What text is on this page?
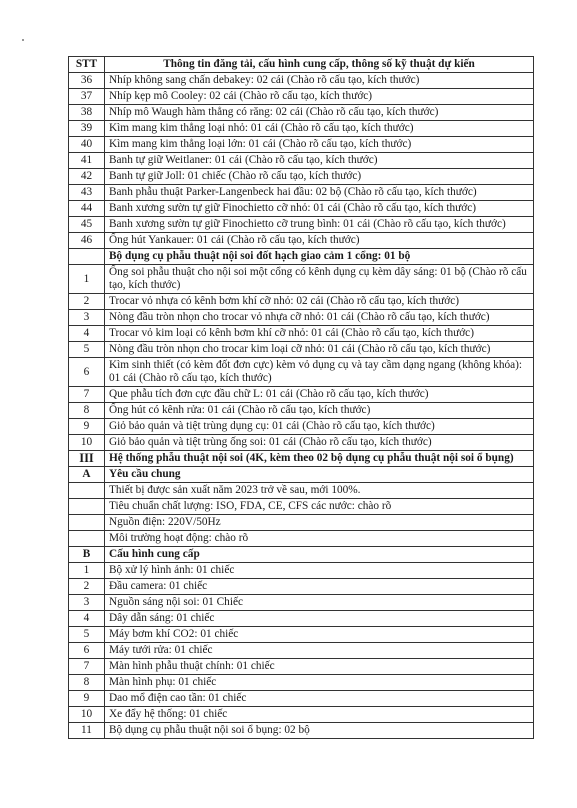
STT	Thông tin đăng tải, cấu hình cung cấp, thông số kỹ thuật dự kiến
36	Nhíp không sang chấn debakey: 02 cái (Chào rõ cấu tạo, kích thước)
37	Nhíp kẹp mô Cooley: 02 cái (Chào rõ cấu tạo, kích thước)
38	Nhíp mô Waugh hàm thẳng có răng: 02 cái (Chào rõ cấu tạo, kích thước)
39	Kìm mang kim thẳng loại nhỏ: 01 cái (Chào rõ cấu tạo, kích thước)
40	Kìm mang kim thẳng loại lớn: 01 cái (Chào rõ cấu tạo, kích thước)
41	Banh tự giữ Weitlaner: 01 cái (Chào rõ cấu tạo, kích thước)
42	Banh tự giữ Joll: 01 chiếc (Chào rõ cấu tạo, kích thước)
43	Banh phẫu thuật Parker-Langenbeck hai đầu: 02 bộ (Chào rõ cấu tạo, kích thước)
44	Banh xương sườn tự giữ Finochietto cỡ nhỏ: 01 cái (Chào rõ cấu tạo, kích thước)
45	Banh xương sườn tự giữ Finochietto cỡ trung bình: 01 cái (Chào rõ cấu tạo, kích thước)
46	Ống hút Yankauer: 01 cái (Chào rõ cấu tạo, kích thước)
	Bộ dụng cụ phẫu thuật nội soi đốt hạch giao cảm 1 cổng: 01 bộ
1	Ống soi phẫu thuật cho nội soi một cổng có kênh dụng cụ kèm dây sáng: 01 bộ (Chào rõ cấu tạo, kích thước)
2	Trocar vỏ nhựa có kênh bơm khí cỡ nhỏ: 02 cái (Chào rõ cấu tạo, kích thước)
3	Nòng đầu tròn nhọn cho trocar vỏ nhựa cỡ nhỏ: 01 cái (Chào rõ cấu tạo, kích thước)
4	Trocar vỏ kim loại có kênh bơm khí cỡ nhỏ: 01 cái (Chào rõ cấu tạo, kích thước)
5	Nòng đầu tròn nhọn cho trocar kim loại cỡ nhỏ: 01 cái (Chào rõ cấu tạo, kích thước)
6	Kìm sinh thiết (có kèm đốt đơn cực) kèm vỏ dụng cụ và tay cầm dạng ngang (không khóa): 01 cái (Chào rõ cấu tạo, kích thước)
7	Que phẫu tích đơn cực đầu chữ L: 01 cái (Chào rõ cấu tạo, kích thước)
8	Ống hút có kênh rửa: 01 cái (Chào rõ cấu tạo, kích thước)
9	Giỏ bảo quản và tiệt trùng dụng cụ: 01 cái (Chào rõ cấu tạo, kích thước)
10	Giỏ bảo quản và tiệt trùng ống soi: 01 cái (Chào rõ cấu tạo, kích thước)
III	Hệ thống phẫu thuật nội soi (4K, kèm theo 02 bộ dụng cụ phẫu thuật nội soi ổ bụng)
A	Yêu cầu chung
	Thiết bị được sản xuất năm 2023 trở về sau, mới 100%.
	Tiêu chuẩn chất lượng: ISO, FDA, CE, CFS các nước: chào rõ
	Nguồn điện: 220V/50Hz
	Môi trường hoạt động: chào rõ
B	Cấu hình cung cấp
1	Bộ xử lý hình ảnh: 01 chiếc
2	Đầu camera: 01 chiếc
3	Nguồn sáng nội soi: 01 Chiếc
4	Dây dẫn sáng: 01 chiếc
5	Máy bơm khí CO2: 01 chiếc
6	Máy tưới rửa: 01 chiếc
7	Màn hình phẫu thuật chính: 01 chiếc
8	Màn hình phụ: 01 chiếc
9	Dao mổ điện cao tần: 01 chiếc
10	Xe đẩy hệ thống: 01 chiếc
11	Bộ dụng cụ phẫu thuật nội soi ổ bụng: 02 bộ
